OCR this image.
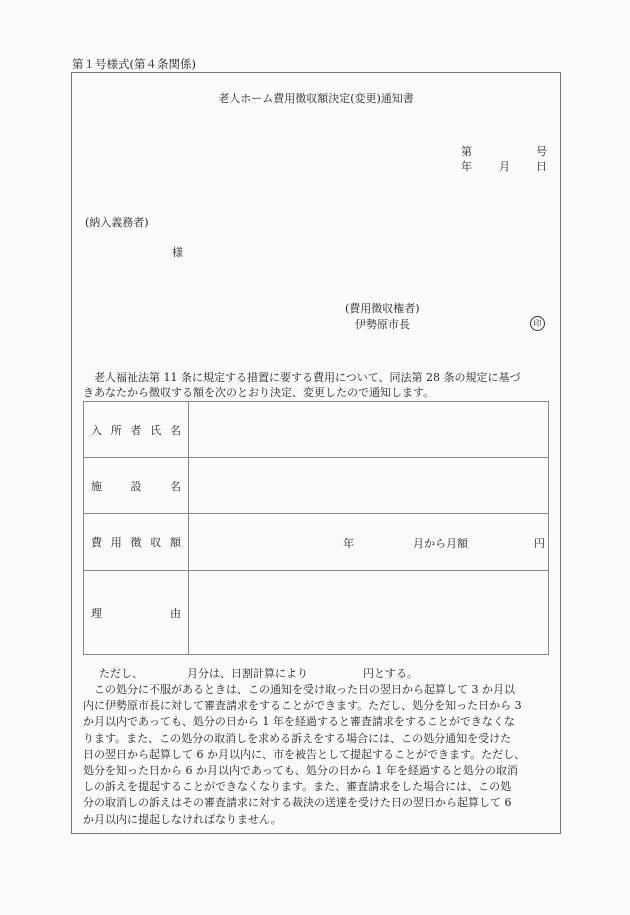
第１号様式(第４条関係)
老人ホーム費用徴収額決定(変更)通知書
第	号
年 月 日
(納入義務者)
様
(費用徴収権者)
伊勢原市長	印

老人福祉法第 11 条に規定する措置に要する費用について、同法第 28 条の規定に基づ

きあなたから徴収する額を次のとおり決定、変更したので通知します。

入 所 者 氏 名	

施 設 名	

費 用 徴 収 額	年 月から月額 円

理 由	

ただし、	月分は、日割計算により	円とする。
この処分に不服があるときは、この通知を受け取った日の翌日から起算して 3 か月以
内に伊勢原市長に対して審査請求をすることができます。ただし、処分を知った日から 3
か月以内であっても、処分の日から 1 年を経過すると審査請求をすることができなくな
ります。また、この処分の取消しを求める訴えをする場合には、この処分通知を受けた
日の翌日から起算して 6 か月以内に、市を被告として提起することができます。ただし、
処分を知った日から 6 か月以内であっても、処分の日から 1 年を経過すると処分の取消
しの訴えを提起することができなくなります。また、審査請求をした場合には、この処
分の取消しの訴えはその審査請求に対する裁決の送達を受けた日の翌日から起算して 6
か月以内に提起しなければなりません。
